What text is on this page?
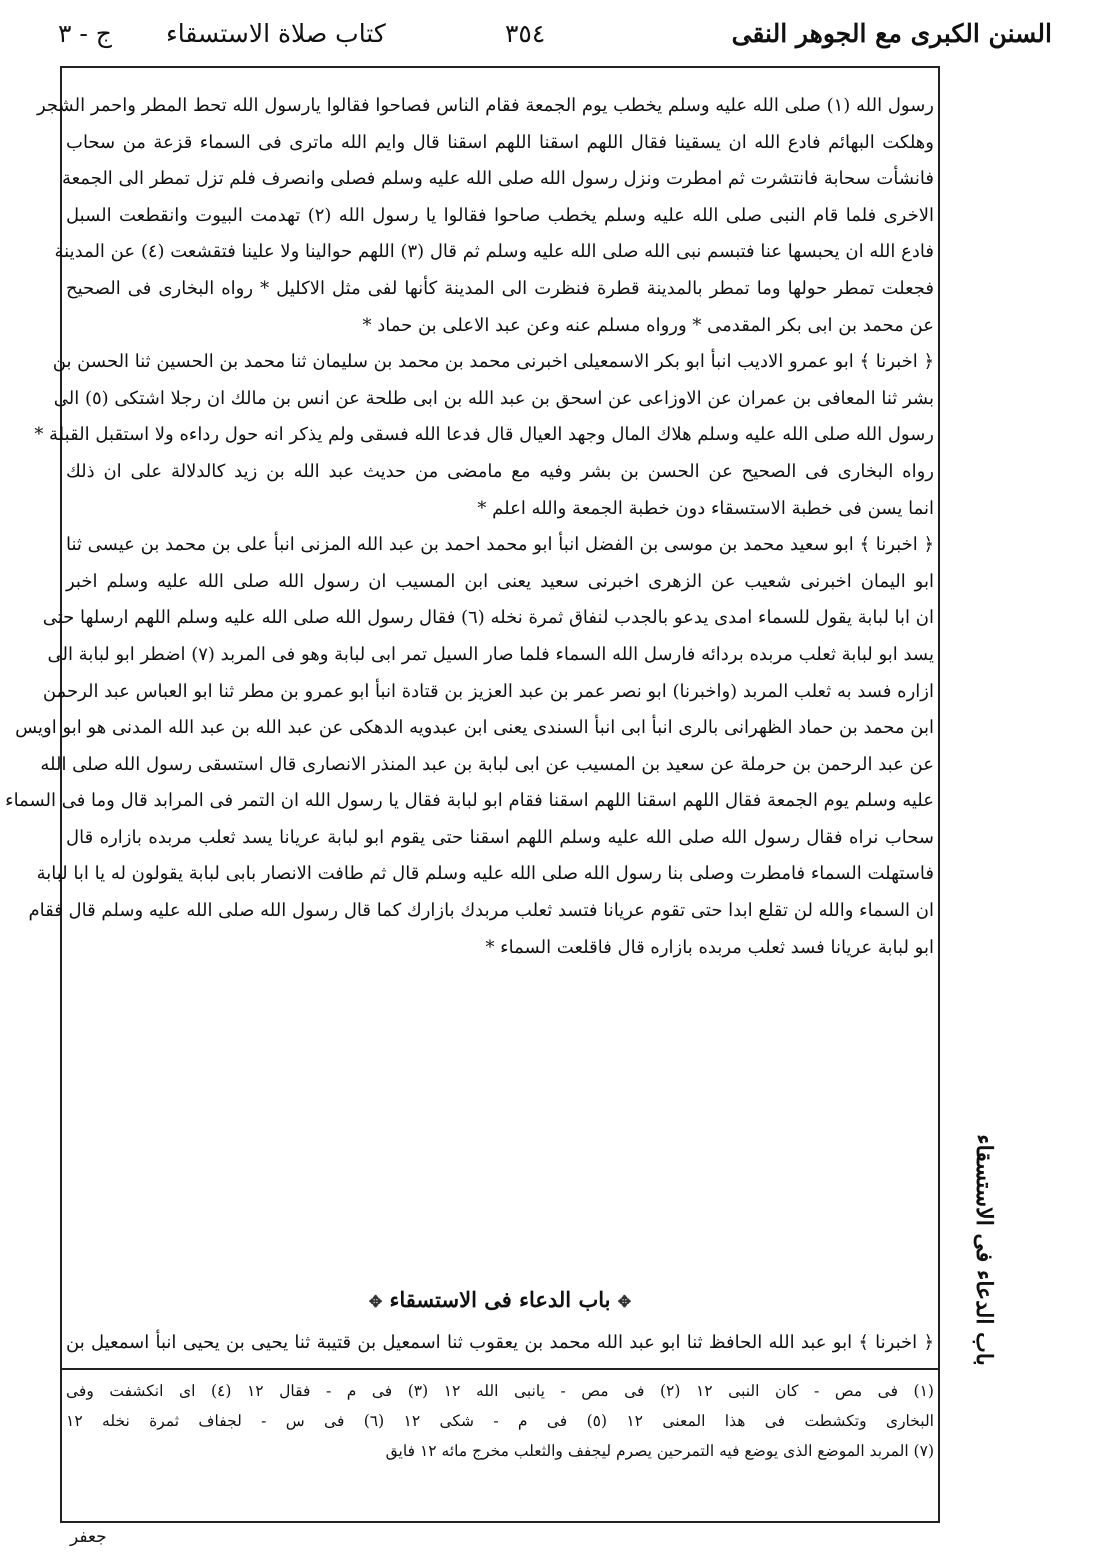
السنن الكبرى مع الجوهر النقى
٣٥٤
كتاب صلاة الاستسقاء
ج - ٣
رسول الله (١) صلى الله عليه وسلم يخطب يوم الجمعة فقام الناس فصاحوا فقالوا يارسول الله تحط المطر واحمر الشجر
وهلكت البهائم فادع الله ان يسقينا فقال اللهم اسقنا اللهم اسقنا قال وايم الله ماترى فى السماء قزعة من سحاب
فانشأت سحابة فانتشرت ثم امطرت ونزل رسول الله صلى الله عليه وسلم فصلى وانصرف فلم تزل تمطر الى الجمعة
الاخرى فلما قام النبى صلى الله عليه وسلم يخطب صاحوا فقالوا يا رسول الله (٢) تهدمت البيوت وانقطعت السبل
فادع الله ان يحبسها عنا فتبسم نبى الله صلى الله عليه وسلم ثم قال (٣) اللهم حوالينا ولا علينا فتقشعت (٤) عن المدينة
فجعلت تمطر حولها وما تمطر بالمدينة قطرة فنظرت الى المدينة كأنها لفى مثل الاكليل * رواه البخارى فى الصحيح
عن محمد بن ابى بكر المقدمى * ورواه مسلم عنه وعن عبد الاعلى بن حماد *
﴿ اخبرنا ﴾ ابو عمرو الاديب انبأ ابو بكر الاسمعيلى اخبرنى محمد بن محمد بن سليمان ثنا محمد بن الحسين ثنا الحسن بن
بشر ثنا المعافى بن عمران عن الاوزاعى عن اسحق بن عبد الله بن ابى طلحة عن انس بن مالك ان رجلا اشتكى (٥) الى
رسول الله صلى الله عليه وسلم هلاك المال وجهد العيال قال فدعا الله فسقى ولم يذكر انه حول رداءه ولا استقبل القبلة *
رواه البخارى فى الصحيح عن الحسن بن بشر وفيه مع مامضى من حديث عبد الله بن زيد كالدلالة على ان ذلك
انما يسن فى خطبة الاستسقاء دون خطبة الجمعة والله اعلم *
﴿ اخبرنا ﴾ ابو سعيد محمد بن موسى بن الفضل انبأ ابو محمد احمد بن عبد الله المزنى انبأ على بن محمد بن عيسى ثنا
ابو اليمان اخبرنى شعيب عن الزهرى اخبرنى سعيد يعنى ابن المسيب ان رسول الله صلى الله عليه وسلم اخبر
ان ابا لبابة يقول للسماء امدى يدعو بالجدب لنفاق ثمرة نخله (٦) فقال رسول الله صلى الله عليه وسلم اللهم ارسلها حتى
يسد ابو لبابة ثعلب مربده بردائه فارسل الله السماء فلما صار السيل تمر ابى لبابة وهو فى المربد (٧) اضطر ابو لبابة الى
ازاره فسد به ثعلب المربد (واخبرنا) ابو نصر عمر بن عبد العزيز بن قتادة انبأ ابو عمرو بن مطر ثنا ابو العباس عبد الرحمن
ابن محمد بن حماد الظهرانى بالرى انبأ ابى انبأ السندى يعنى ابن عبدويه الدهكى عن عبد الله بن عبد الله المدنى هو ابو اويس
عن عبد الرحمن بن حرملة عن سعيد بن المسيب عن ابى لبابة بن عبد المنذر الانصارى قال استسقى رسول الله صلى الله
عليه وسلم يوم الجمعة فقال اللهم اسقنا اللهم اسقنا فقام ابو لبابة فقال يا رسول الله ان التمر فى المرابد قال وما فى السماء
سحاب نراه فقال رسول الله صلى الله عليه وسلم اللهم اسقنا حتى يقوم ابو لبابة عريانا يسد ثعلب مربده بازاره قال
فاستهلت السماء فامطرت وصلى بنا رسول الله صلى الله عليه وسلم قال ثم طافت الانصار بابى لبابة يقولون له يا ابا لبابة
ان السماء والله لن تقلع ابدا حتى تقوم عريانا فتسد ثعلب مربدك بازارك كما قال رسول الله صلى الله عليه وسلم قال فقام
ابو لبابة عريانا فسد ثعلب مربده بازاره قال فاقلعت السماء *
✥ باب الدعاء فى الاستسقاء ✥
﴿ اخبرنا ﴾ ابو عبد الله الحافظ ثنا ابو عبد الله محمد بن يعقوب ثنا اسمعيل بن قتيبة ثنا يحيى بن يحيى انبأ اسمعيل بن
(١) فى مص - كان النبى ١٢ (٢) فى مص - يانبى الله ١٢ (٣) فى م - فقال ١٢ (٤) اى انكشفت وفى
البخارى وتكشطت فى هذا المعنى ١٢ (٥) فى م - شكى ١٢ (٦) فى س - لجفاف ثمرة نخله ١٢
(٧) المربد الموضع الذى يوضع فيه التمرحين يصرم ليجفف والثعلب مخرج مائه ١٢ فايق
باب الدعاء فى الاستسقاء
جعفر
